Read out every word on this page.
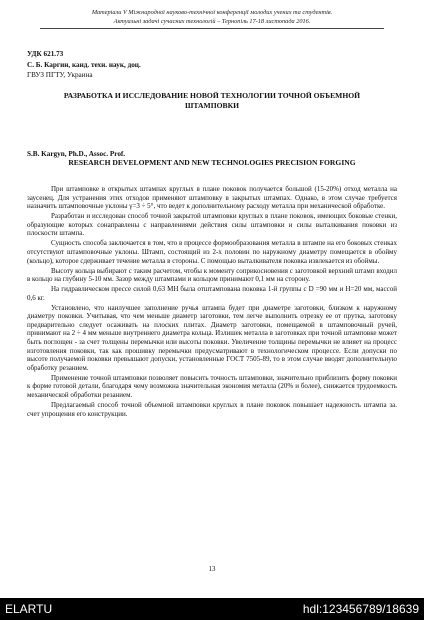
Матеріали V Міжнародної науково-технічної конференції молодих учених та студентів.
Актуальні задачі сучасних технологій – Тернопіль 17-18 листопада 2016.
УДК 621.73
С. Б. Каргин, канд. техн. наук, доц.
ГВУЗ ПГТУ, Украина
РАЗРАБОТКА И ИССЛЕДОВАНИЕ НОВОЙ ТЕХНОЛОГИИ ТОЧНОЙ ОБЪЕМНОЙ ШТАМПОВКИ
S.B. Kargyn, Ph.D., Assoc. Prof.
RESEARCH DEVELOPMENT AND NEW TECHNOLOGIES PRECISION FORGING

При штамповке в открытых штампах круглых в плане поковок получается большой (15-20%) отход металла на заусенец. Для устранения этих отходов применяют штамповку в закрытых штампах. Однако, в этом случае требуется назначить штамповочные уклоны γ=3 ÷ 5°, что ведет к дополнительному расходу металла при механической обработке.

Разработан и исследован способ точной закрытой штамповки круглых в плане поковок, имеющих боковые стенки, образующие которых сонаправлены с направлениями действия силы штамповки и силы выталкивания поковки из плоскости штампа.

Сущность способа заключается в том, что в процессе формообразования металла в штампе на его боковых стенках отсутствуют штамповочные уклоны. Штамп, состоящий из 2-х половин по наружному диаметру помещается в обойму (кольцо), которое сдерживает течение металла в стороны. С помощью выталкивателя поковка извлекается из обоймы.

Высоту кольца выбирают с таким расчетом, чтобы к моменту соприкосновения с заготовкой верхний штамп входил в кольцо на глубину 5-10 мм. Зазор между штампами и кольцом принимают 0,1 мм на сторону.

На гидравлическом прессе силой 0,63 МН была отштампована поковка 1-й группы с D =90 мм и H=20 мм, массой 0,6 кг.

Установлено, что наилучшее заполнение ручья штампа будет при диаметре заготовки, близком к наружному диаметру поковки. Учитывая, что чем меньше диаметр заготовки, тем легче выполнить отрезку ее от прутка, заготовку предварительно следует осаживать на плоских плитах. Диаметр заготовки, помещаемой в штамповочный ручей, принимают на 2 ÷ 4 мм меньше внутреннего диаметра кольца. Излишек металла в заготовках при точной штамповке может быть поглощен - за счет толщены перемычки или высоты поковки. Увеличение толщины перемычки не влияет на процесс изготовления поковки, так как прошивку перемычки предусматривают в технологическом процессе. Если допуски по высоте получаемой поковки превышают допуски, установленные ГОСТ 7505-89, то в этом случае вводят дополнительную обработку резанием.

Применение точной штамповки позволяет повысить точность штамповки, значительно приблизить форму поковки к форме готовой детали, благодаря чему возможна значительная экономия металла (20% и более), снижается трудоемкость механической обработки резанием.

Предлагаемый способ точной объемной штамповки круглых в плане поковок повышает надежность штампа за. счет упрощения его конструкции.

13
ELARTU	hdl:123456789/18639
